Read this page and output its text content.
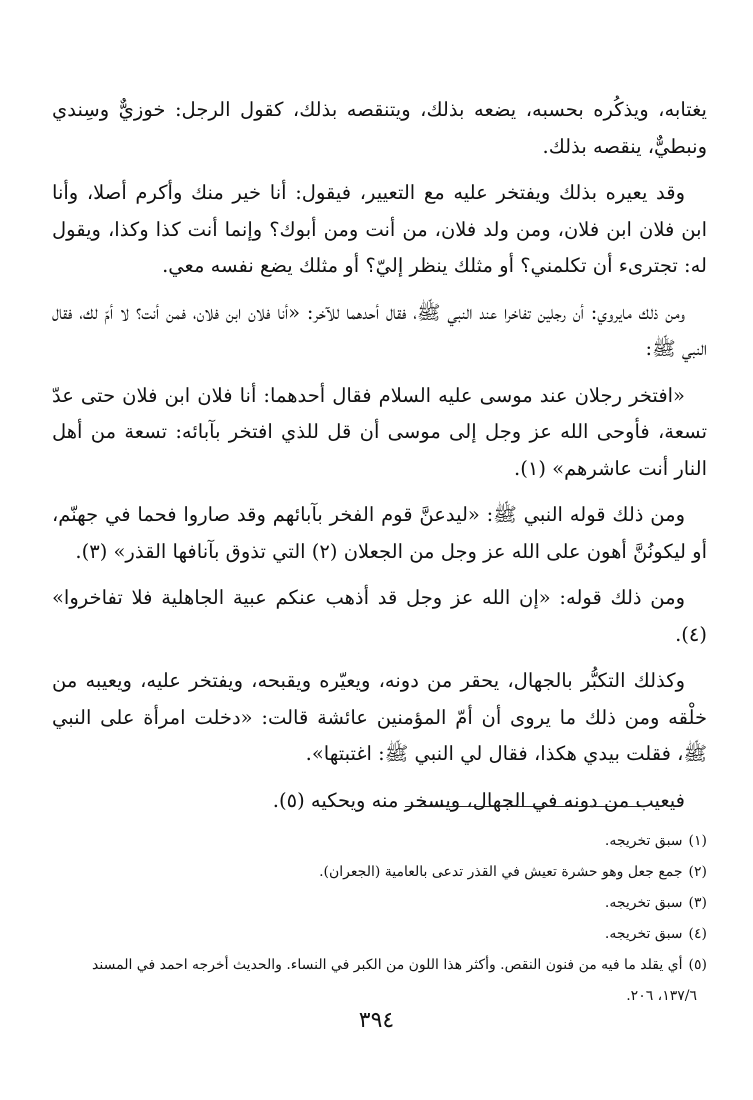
يغتابه، ويذكُره بحسبه، يضعه بذلك، ويتنقصه بذلك، كقول الرجل: خوزيٌّ وسِندي ونبطيٌّ، ينقصه بذلك.

وقد يعيره بذلك ويفتخر عليه مع التعيير، فيقول: أنا خير منك وأكرم أصلا، وأنا ابن فلان ابن فلان، ومن ولد فلان، من أنت ومن أبوك؟ وإنما أنت كذا وكذا، ويقول له: تجترىء أن تكلمني؟ أو مثلك ينظر إليّ؟ أو مثلك يضع نفسه معي.

ومن ذلك مايروي: أن رجلين تفاخرا عند النبي ﷺ، فقال أحدهما للآخر: «أنا فلان ابن فلان، فمن أنت؟ لا أمّ لك، فقال النبي ﷺ:

«افتخر رجلان عند موسى عليه السلام فقال أحدهما: أنا فلان ابن فلان حتى عدّ تسعة، فأوحى الله عز وجل إلى موسى أن قل للذي افتخر بآبائه: تسعة من أهل النار أنت عاشرهم» (١).

ومن ذلك قوله النبي ﷺ: «ليدعنَّ قوم الفخر بآبائهم وقد صاروا فحما في جهنّم، أو ليكونُنَّ أهون على الله عز وجل من الجعلان (٢) التي تذوق بآنافها القذر» (٣).

ومن ذلك قوله: «إن الله عز وجل قد أذهب عنكم عبية الجاهلية فلا تفاخروا» (٤).

وكذلك التكبُّر بالجهال، يحقر من دونه، ويعيّره ويقبحه، ويفتخر عليه، ويعيبه من خلْقه ومن ذلك ما يروى أن أمّ المؤمنين عائشة قالت: «دخلت امرأة على النبي ﷺ، فقلت بيدي هكذا، فقال لي النبي ﷺ: اغتبتها».

فيعيب من دونه في الجهال، ويسخر منه ويحكيه (٥).

(١)سبق تخريجه.

(٢)جمع جعل وهو حشرة تعيش في القذر تدعى بالعامية (الجعران).

(٣)سبق تخريجه.

(٤)سبق تخريجه.

(٥)أي يقلد ما فيه من فنون النقص. وأكثر هذا اللون من الكبر في النساء. والحديث أخرجه احمد في المسند

١٣٧/٦، ٢٠٦.

٣٩٤
